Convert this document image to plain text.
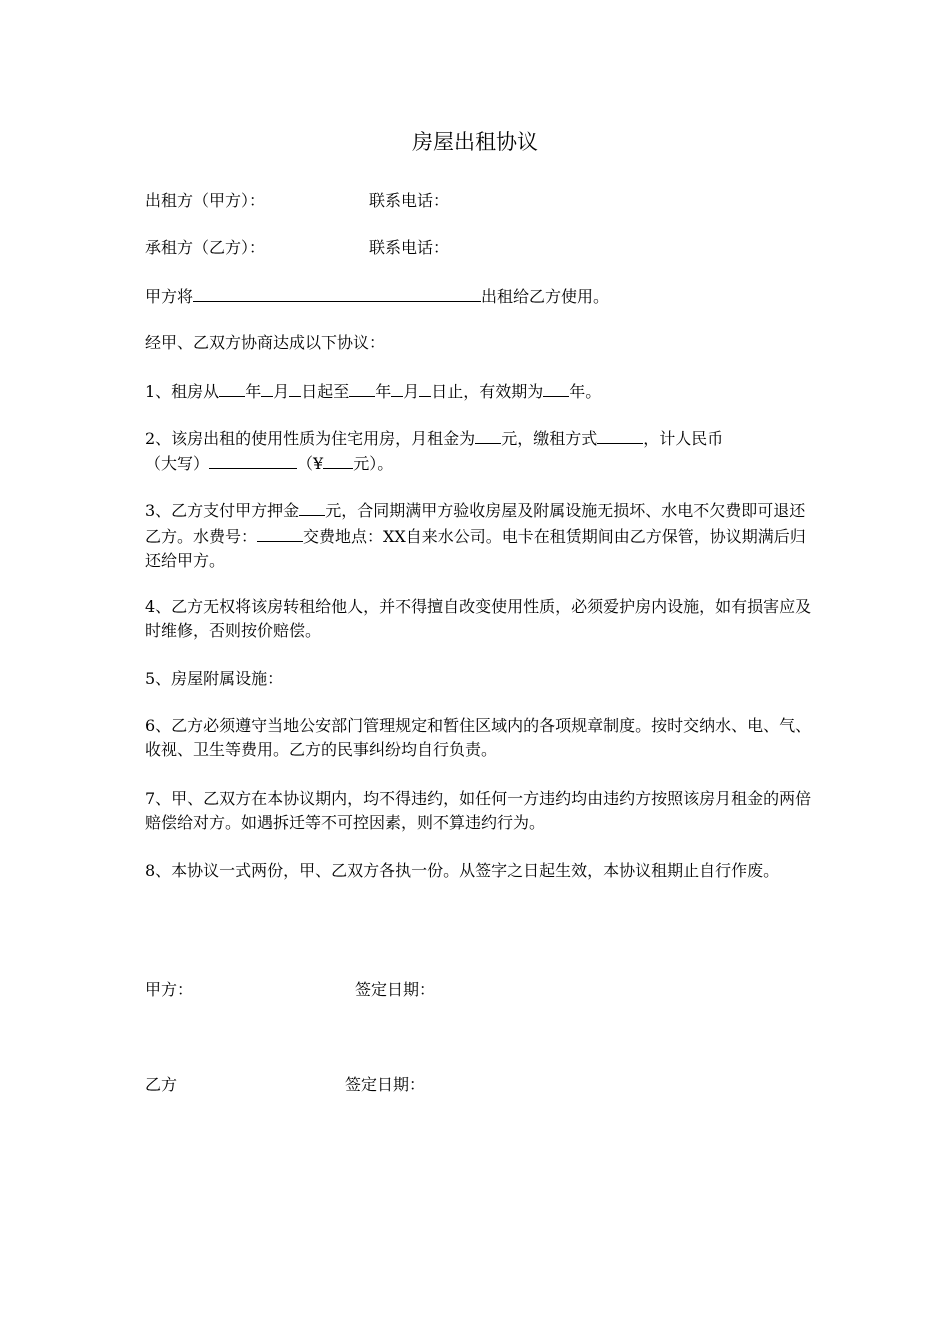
房屋出租协议
出租方（甲方）：	联系电话：
承租方（乙方）：	联系电话：
甲方将	出租给乙方使用。
经甲、乙双方协商达成以下协议：
1、租房从 年 月 日起至 年 月 日止，有效期为 年。
2、该房出租的使用性质为住宅用房，月租金为 元，缴租方式	，计人民币
（大写）	（¥ 元）。
3、乙方支付甲方押金 元，合同期满甲方验收房屋及附属设施无损坏、水电不欠费即可退还乙方。水费号：	交费地点：XX自来水公司。电卡在租赁期间由乙方保管，协议期满后归还给甲方。
4、乙方无权将该房转租给他人，并不得擅自改变使用性质，必须爱护房内设施，如有损害应及时维修，否则按价赔偿。
5、房屋附属设施：
6、乙方必须遵守当地公安部门管理规定和暂住区域内的各项规章制度。按时交纳水、电、气、收视、卫生等费用。乙方的民事纠纷均自行负责。
7、甲、乙双方在本协议期内，均不得违约，如任何一方违约均由违约方按照该房月租金的两倍赔偿给对方。如遇拆迁等不可控因素，则不算违约行为。
8、本协议一式两份，甲、乙双方各执一份。从签字之日起生效，本协议租期止自行作废。
甲方：	签定日期：
乙方	签定日期：
